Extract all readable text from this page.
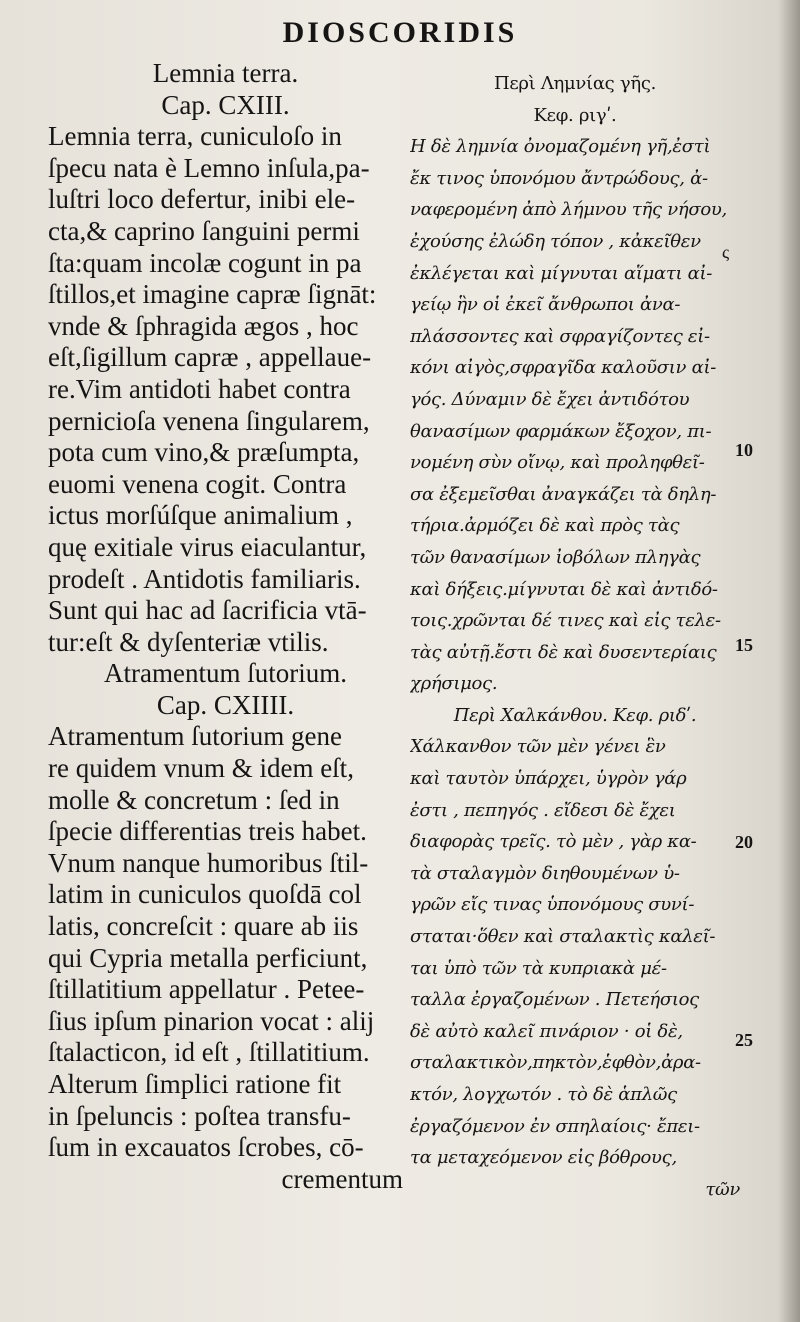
DIOSCORIDIS
Lemnia terra.
Cap. CXIII.
Lemnia terra, cuniculoſo in
ſpecu nata è Lemno inſula,pa-
luſtri loco defertur, inibi ele-
cta,& caprino ſanguini permi
ſta:quam incolæ cogunt in pa
ſtillos,et imagine capræ ſignāt:
vnde & ſphragida ægos , hoc
eſt,ſigillum capræ , appellaue-
re.Vim antidoti habet contra
pernicioſa venena ſingularem,
pota cum vino,& præſumpta,
euomi venena cogit. Contra
ictus morſúſque animalium ,
quę exitiale virus eiaculantur,
prodeſt . Antidotis familiaris.
Sunt qui hac ad ſacrificia vtā-
tur:eſt & dyſenteriæ vtilis.
Atramentum ſutorium.
Cap. CXIIII.
Atramentum ſutorium gene
re quidem vnum & idem eſt,
molle & concretum : ſed in
ſpecie differentias treis habet.
Vnum nanque humoribus ſtil-
latim in cuniculos quoſdā col
latis, concreſcit : quare ab iis
qui Cypria metalla perficiunt,
ſtillatitium appellatur . Petee-
ſius ipſum pinarion vocat : alij
ſtalacticon, id eſt , ſtillatitium.
Alterum ſimplici ratione fit
in ſpeluncis : poſtea transfu-
ſum in excauatos ſcrobes, cō-
crementum
Περὶ Λημνίας γῆς.
Κεφ. ριγʹ.
Η δὲ λημνία ὀνομαζομένη γῆ,ἐστὶ
ἔκ τινος ὑπονόμου ἄντρώδους, ἀ-
ναφερομένη ἀπὸ λήμνου τῆς νήσου,
ἐχούσης ἐλώδη τόπον , κἀκεῖθεν
ἐκλέγεται καὶ μίγνυται αἵματι αἰ-
γείῳ ἣν οἱ ἐκεῖ ἄνθρωποι ἀνα-
πλάσσοντες καὶ σφραγίζοντες εἰ-
κόνι αἰγὸς,σφραγῖδα καλοῦσιν αἰ-
γός. Δύναμιν δὲ ἔχει ἀντιδότου
θανασίμων φαρμάκων ἔξοχον, πι-
νομένη σὺν οἴνῳ, καὶ προληφθεῖ-
σα ἐξεμεῖσθαι ἀναγκάζει τὰ δηλη-
τήρια.ἀρμόζει δὲ καὶ πρὸς τὰς
τῶν θανασίμων ἰοβόλων πληγὰς
καὶ δήξεις.μίγνυται δὲ καὶ ἀντιδό-
τοις.χρῶνται δέ τινες καὶ εἰς τελε-
τὰς αὐτῇ.ἔστι δὲ καὶ δυσεντερίαις
χρήσιμος.
Περὶ Χαλκάνθου. Κεφ. ριδʹ.
Χάλκανθον τῶν μὲν γένει ἓν
καὶ ταυτὸν ὑπάρχει, ὑγρὸν γάρ
ἐστι , πεπηγός . εἴδεσι δὲ ἔχει
διαφορὰς τρεῖς. τὸ μὲν , γὰρ κα-
τὰ σταλαγμὸν διηθουμένων ὑ-
γρῶν εἴς τινας ὑπονόμους συνί-
σταται·ὅθεν καὶ σταλακτὶς καλεῖ-
ται ὑπὸ τῶν τὰ κυπριακὰ μέ-
ταλλα ἐργαζομένων . Πετεήσιος
δὲ αὐτὸ καλεῖ πινάριον · οἱ δὲ,
σταλακτικὸν,πηκτὸν,ἑφθὸν,ἀρα-
κτόν, λογχωτόν . τὸ δὲ ἁπλῶς
ἐργαζόμενον ἐν σπηλαίοις· ἔπει-
τα μεταχεόμενον εἰς βόθρους,
τῶν
ς
10
15
20
25
